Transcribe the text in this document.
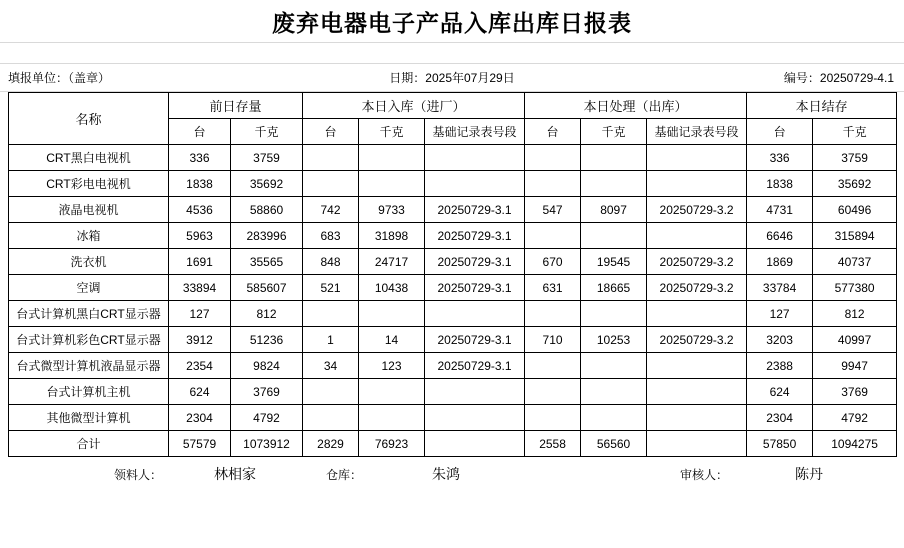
废弃电器电子产品入库出库日报表
填报单位：（盖章）	日期：2025年07月29日	编号：20250729-4.1
名称	前日存量		本日入库（进厂）			本日处理（出库）			本日结存	
	台	千克	台	千克	基础记录表号段	台	千克	基础记录表号段	台	千克
CRT黑白电视机	336	3759							336	3759
CRT彩电电视机	1838	35692							1838	35692
液晶电视机	4536	58860	742	9733	20250729-3.1	547	8097	20250729-3.2	4731	60496
冰箱	5963	283996	683	31898	20250729-3.1				6646	315894
洗衣机	1691	35565	848	24717	20250729-3.1	670	19545	20250729-3.2	1869	40737
空调	33894	585607	521	10438	20250729-3.1	631	18665	20250729-3.2	33784	577380
台式计算机黑白CRT显示器	127	812							127	812
台式计算机彩色CRT显示器	3912	51236	1	14	20250729-3.1	710	10253	20250729-3.2	3203	40997
台式微型计算机液晶显示器	2354	9824	34	123	20250729-3.1				2388	9947
台式计算机主机	624	3769							624	3769
其他微型计算机	2304	4792							2304	4792
合计	57579	1073912	2829	76923		2558	56560		57850	1094275
领料人：	林相家	仓库：	朱鸿	审核人：	陈丹
